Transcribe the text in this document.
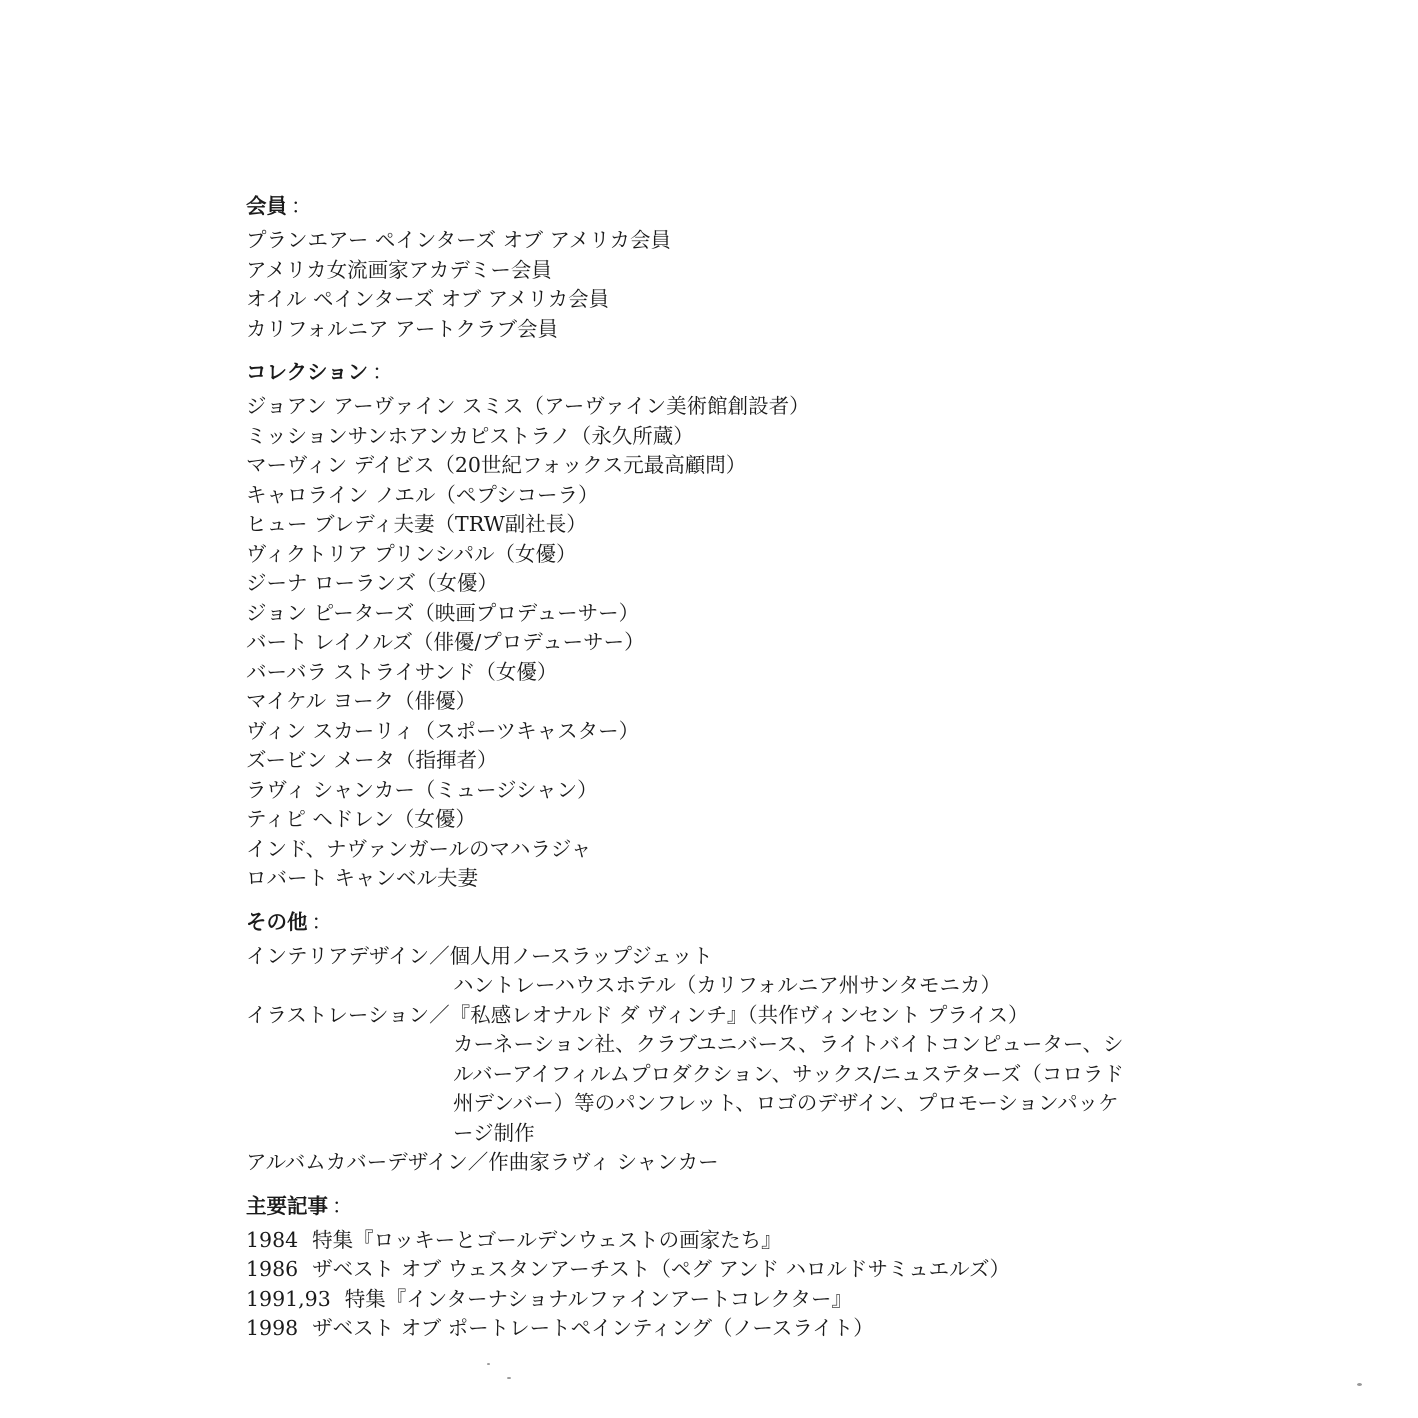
会員 ：

プランエアー ペインターズ オブ アメリカ会員

アメリカ女流画家アカデミー会員

オイル ペインターズ オブ アメリカ会員

カリフォルニア アートクラブ会員

コレクション ：

ジョアン アーヴァイン スミス（アーヴァイン美術館創設者）

ミッションサンホアンカピストラノ（永久所蔵）

マーヴィン デイビス（20世紀フォックス元最高顧問）

キャロライン ノエル（ペプシコーラ）

ヒュー ブレディ夫妻（TRW副社長）

ヴィクトリア プリンシパル（女優）

ジーナ ローランズ（女優）

ジョン ピーターズ（映画プロデューサー）

バート レイノルズ（俳優/プロデューサー）

バーバラ ストライサンド（女優）

マイケル ヨーク（俳優）

ヴィン スカーリィ（スポーツキャスター）

ズービン メータ（指揮者）

ラヴィ シャンカー（ミュージシャン）

ティピ ヘドレン（女優）

インド、ナヴァンガールのマハラジャ

ロバート キャンベル夫妻

その他 ：

インテリアデザイン／個人用ノースラップジェット

ハントレーハウスホテル（カリフォルニア州サンタモニカ）

イラストレーション／『私感レオナルド ダ ヴィンチ』（共作ヴィンセント プライス）

カーネーション社、クラブユニバース、ライトバイトコンピューター、シルバーアイフィルムプロダクション、サックス/ニュステターズ（コロラド州デンバー）等のパンフレット、ロゴのデザイン、プロモーションパッケージ制作

アルバムカバーデザイン／作曲家ラヴィ シャンカー

主要記事 ：

1984 特集『ロッキーとゴールデンウェストの画家たち』

1986 ザベスト オブ ウェスタンアーチスト（ペグ アンド ハロルドサミュエルズ）

1991,93 特集『インターナショナルファインアートコレクター』

1998 ザベスト オブ ポートレートペインティング（ノースライト）
